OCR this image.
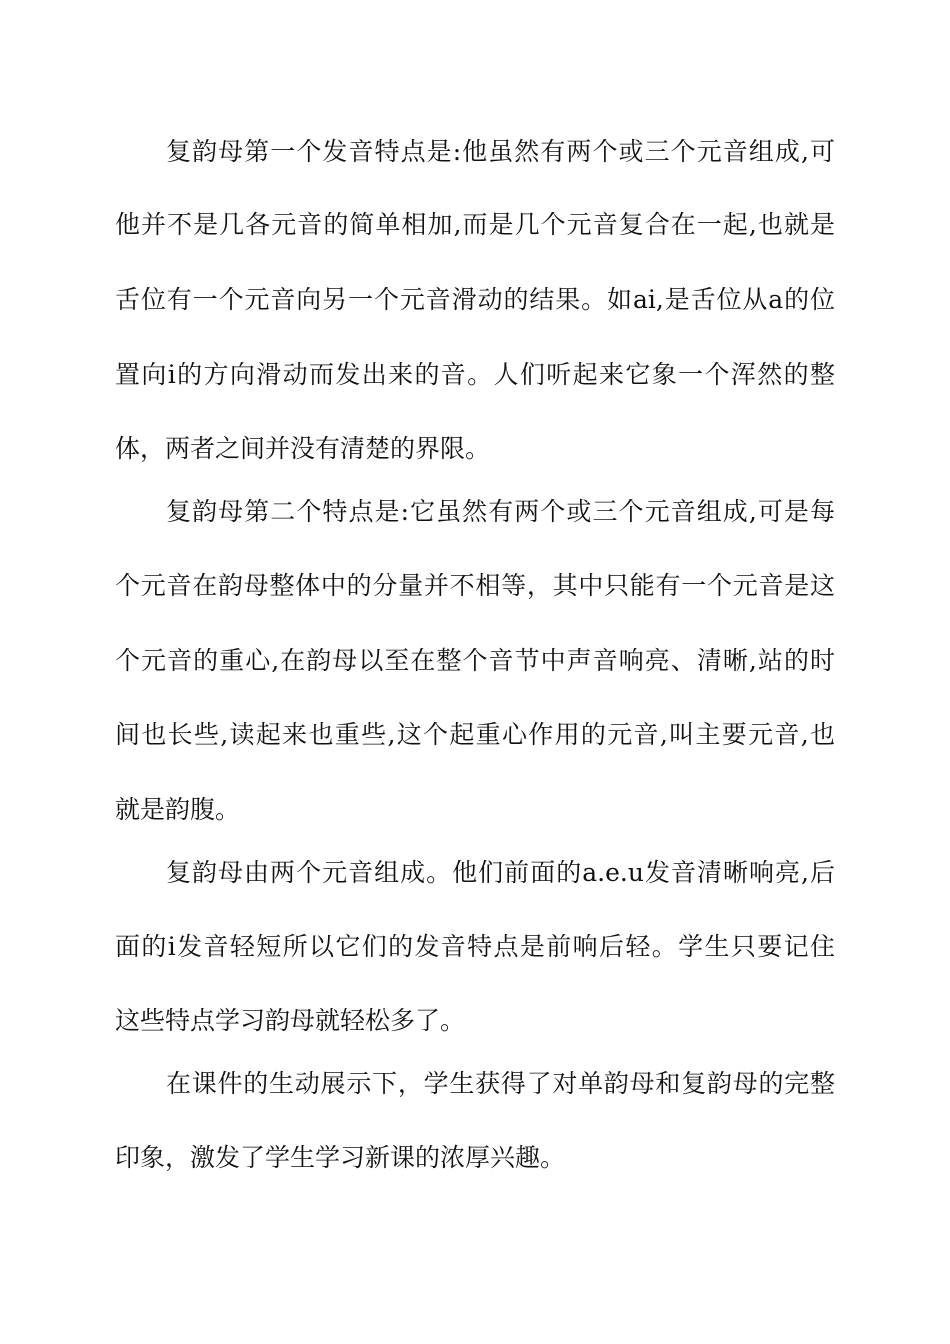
复韵母第一个发音特点是:他虽然有两个或三个元音组成,可
他并不是几各元音的简单相加,而是几个元音复合在一起,也就是
舌位有一个元音向另一个元音滑动的结果。如ai,是舌位从a的位
置向i的方向滑动而发出来的音。人们听起来它象一个浑然的整
体，两者之间并没有清楚的界限。
复韵母第二个特点是:它虽然有两个或三个元音组成,可是每
个元音在韵母整体中的分量并不相等，其中只能有一个元音是这
个元音的重心,在韵母以至在整个音节中声音响亮、清晰,站的时
间也长些,读起来也重些,这个起重心作用的元音,叫主要元音,也
就是韵腹。
复韵母由两个元音组成。他们前面的a.e.u发音清晰响亮,后
面的i发音轻短所以它们的发音特点是前响后轻。学生只要记住
这些特点学习韵母就轻松多了。
在课件的生动展示下，学生获得了对单韵母和复韵母的完整
印象，激发了学生学习新课的浓厚兴趣。
